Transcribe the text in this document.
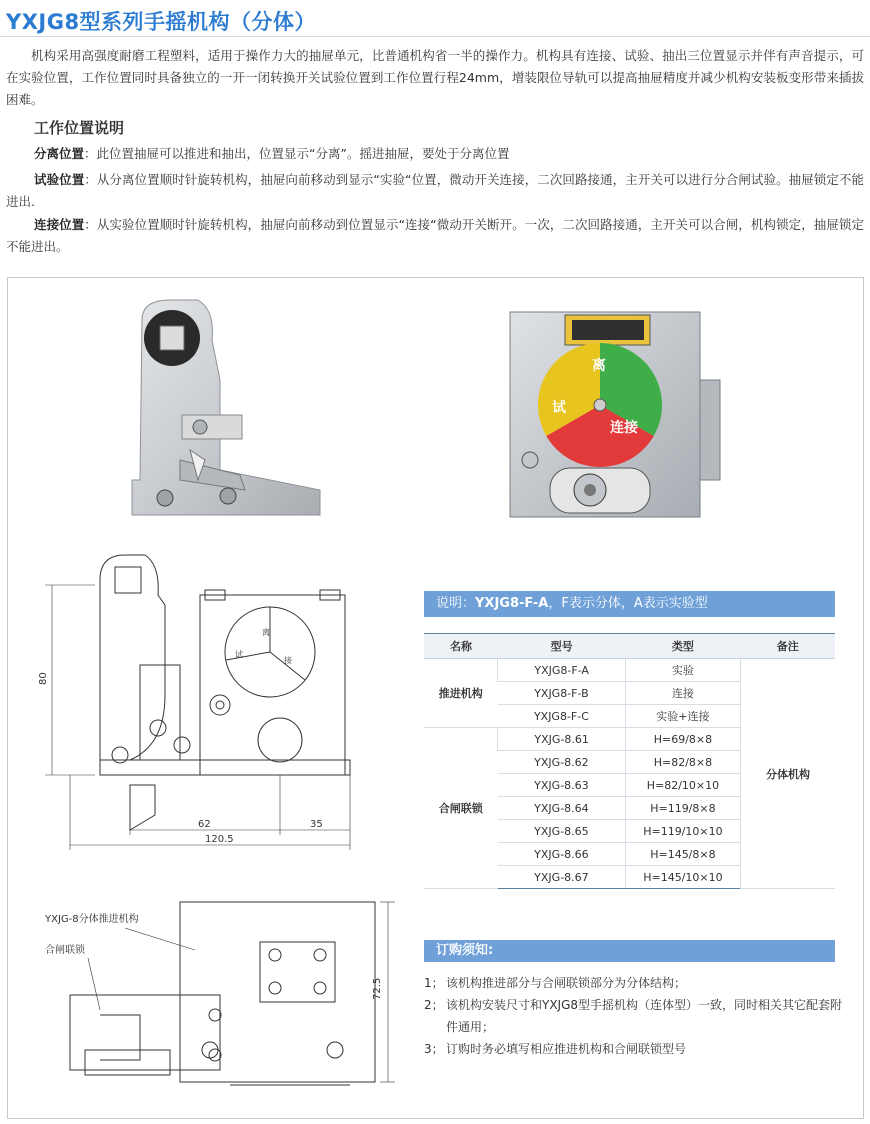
YXJG8型系列手摇机构（分体）

机构采用高强度耐磨工程塑料，适用于操作力大的抽屉单元，比普通机构省一半的操作力。机构具有连接、试验、抽出三位置显示并伴有声音提示，可在实验位置，工作位置同时具备独立的一开一闭转换开关试验位置到工作位置行程24mm，增装限位导轨可以提高抽屉精度并减少机构安装板变形带来插拔困难。

工作位置说明

分离位置：此位置抽屉可以推进和抽出，位置显示“分离”。摇进抽屉，要处于分离位置

试验位置：从分离位置顺时针旋转机构，抽屉向前移动到显示“实验“位置，微动开关连接，二次回路接通，主开关可以进行分合闸试验。抽屉锁定不能进出.

连接位置：从实验位置顺时针旋转机构，抽屉向前移动到位置显示“连接“微动开关断开。一次，二次回路接通，主开关可以合闸，机构锁定，抽屉锁定不能进出。

离
试
连接
80
62	35
120.5
离
试
接
YXJG-8分体推进机构
合闸联锁
72.5
说明：YXJG8-F-A，F表示分体，A表示实验型
名称	型号	类型	备注
推进机构	YXJG8-F-A	实验	分体机构
	YXJG8-F-B	连接	
	YXJG8-F-C	实验+连接	
合闸联锁	YXJG-8.61	H=69/8×8	
	YXJG-8.62	H=82/8×8	
	YXJG-8.63	H=82/10×10	
	YXJG-8.64	H=119/8×8	
	YXJG-8.65	H=119/10×10	
	YXJG-8.66	H=145/8×8	
	YXJG-8.67	H=145/10×10	
订购须知:
1； 该机构推进部分与合闸联锁部分为分体结构；
2； 该机构安装尺寸和YXJG8型手摇机构（连体型）一致，同时相关其它配套附件通用；
3； 订购时务必填写相应推进机构和合闸联锁型号
